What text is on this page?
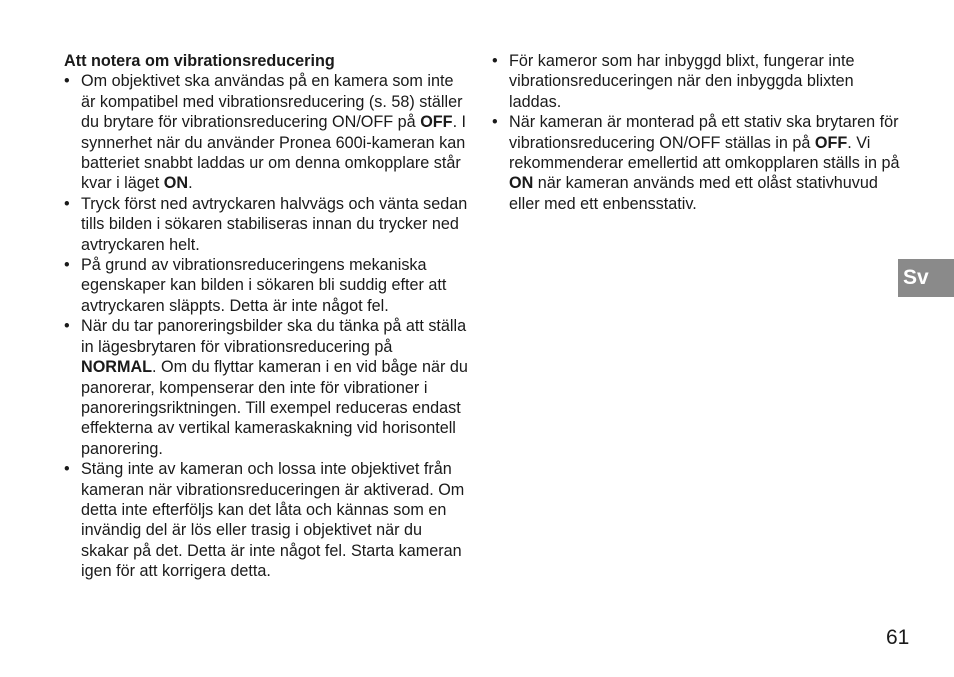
Att notera om vibrationsreducering
• Om objektivet ska användas på en kamera som inte är kompatibel med vibrationsreducering (s. 58) ställer du brytare för vibrationsreducering ON/OFF på OFF. I synnerhet när du använder Pronea 600i-kameran kan batteriet snabbt laddas ur om denna omkopplare står kvar i läget ON.
• Tryck först ned avtryckaren halvvägs och vänta sedan tills bilden i sökaren stabiliseras innan du trycker ned avtryckaren helt.
• På grund av vibrationsreduceringens mekaniska egenskaper kan bilden i sökaren bli suddig efter att avtryckaren släppts. Detta är inte något fel.
• När du tar panoreringsbilder ska du tänka på att ställa in lägesbrytaren för vibrationsreducering på NORMAL. Om du flyttar kameran i en vid båge när du panorerar, kompenserar den inte för vibrationer i panoreringsriktningen. Till exempel reduceras endast effekterna av vertikal kameraskakning vid horisontell panorering.
• Stäng inte av kameran och lossa inte objektivet från kameran när vibrationsreduceringen är aktiverad. Om detta inte efterföljs kan det låta och kännas som en invändig del är lös eller trasig i objektivet när du skakar på det. Detta är inte något fel. Starta kameran igen för att korrigera detta.
• För kameror som har inbyggd blixt, fungerar inte vibrationsreduceringen när den inbyggda blixten laddas.
• När kameran är monterad på ett stativ ska brytaren för vibrationsreducering ON/OFF ställas in på OFF. Vi rekommenderar emellertid att omkopplaren ställs in på ON när kameran används med ett olåst stativhuvud eller med ett enbensstativ.
Sv
61
